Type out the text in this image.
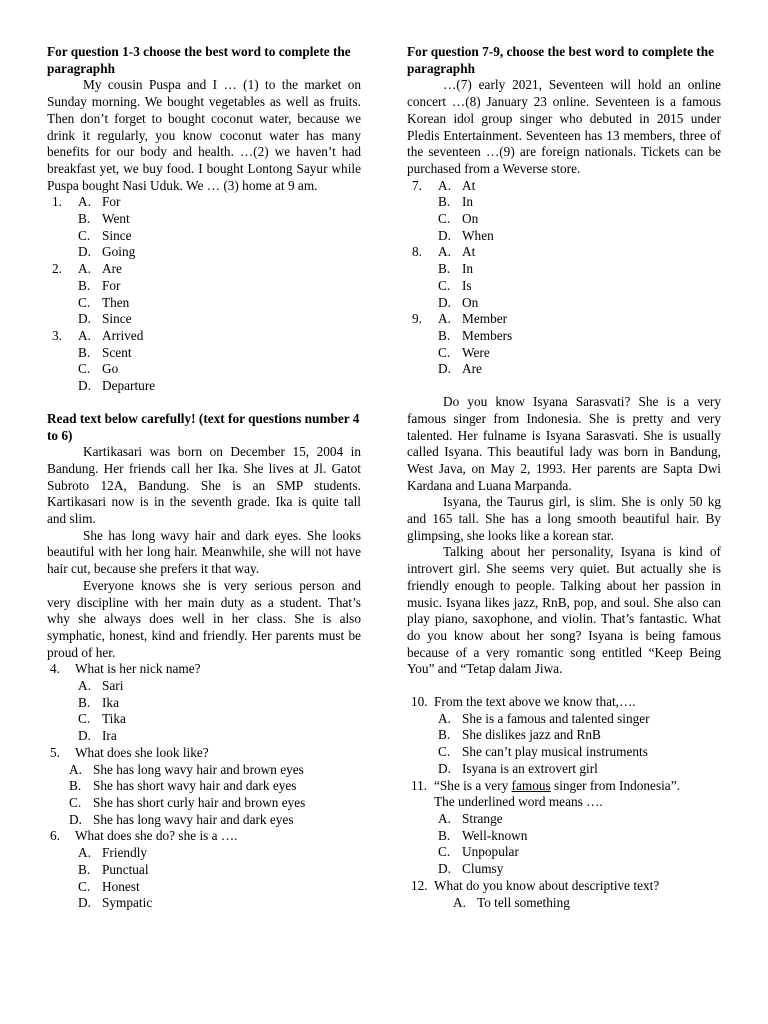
For question 1-3 choose the best word to complete the paragraphh

My cousin Puspa and I … (1) to the market on Sunday morning. We bought vegetables as well as fruits. Then don’t forget to bought coconut water, because we drink it regularly, you know coconut water has many benefits for our body and health. …(2) we haven’t had breakfast yet, we buy food. I bought Lontong Sayur while Puspa bought Nasi Uduk. We … (3) home at 9 am.

1.	A. For
B. Went
C. Since
D. Going
2.	A. Are
B. For
C. Then
D. Since
3.	A. Arrived
B. Scent
C. Go
D. Departure

Read text below carefully! (text for questions number 4 to 6)

Kartikasari was born on December 15, 2004 in Bandung. Her friends call her Ika. She lives at Jl. Gatot Subroto 12A, Bandung. She is an SMP students. Kartikasari now is in the seventh grade. Ika is quite tall and slim.

She has long wavy hair and dark eyes. She looks beautiful with her long hair. Meanwhile, she will not have hair cut, because she prefers it that way.

Everyone knows she is very serious person and very discipline with her main duty as a student. That’s why she always does well in her class. She is also symphatic, honest, kind and friendly. Her parents must be proud of her.

4.	What is her nick name?
A. Sari
B. Ika
C. Tika
D. Ira
5.	What does she look like?
A. She has long wavy hair and brown eyes
B. She has short wavy hair and dark eyes
C. She has short curly hair and brown eyes
D. She has long wavy hair and dark eyes
6.	What does she do? she is a ….
A. Friendly
B. Punctual
C. Honest
D. Sympatic

For question 7-9, choose the best word to complete the paragraphh

…(7) early 2021, Seventeen will hold an online concert …(8) January 23 online. Seventeen is a famous Korean idol group singer who debuted in 2015 under Pledis Entertainment. Seventeen has 13 members, three of the seventeen …(9) are foreign nationals. Tickets can be purchased from a Weverse store.

7.	A. At
B. In
C. On
D. When
8.	A. At
B. In
C. Is
D. On
9.	A. Member
B. Members
C. Were
D. Are

Do you know Isyana Sarasvati? She is a very famous singer from Indonesia. She is pretty and very talented. Her fulname is Isyana Sarasvati. She is usually called Isyana. This beautiful lady was born in Bandung, West Java, on May 2, 1993. Her parents are Sapta Dwi Kardana and Luana Marpanda.

Isyana, the Taurus girl, is slim. She is only 50 kg and 165 tall. She has a long smooth beautiful hair. By glimpsing, she looks like a korean star.

Talking about her personality, Isyana is kind of introvert girl. She seems very quiet. But actually she is friendly enough to people. Talking about her passion in music. Isyana likes jazz, RnB, pop, and soul. She also can play piano, saxophone, and violin. That’s fantastic. What do you know about her song? Isyana is being famous because of a very romantic song entitled “Keep Being You” and “Tetap dalam Jiwa.

10. From the text above we know that,….
A. She is a famous and talented singer
B. She dislikes jazz and RnB
C. She can’t play musical instruments
D. Isyana is an extrovert girl
11. “She is a very famous singer from Indonesia”.
The underlined word means ….
A. Strange
B. Well-known
C. Unpopular
D. Clumsy
12. What do you know about descriptive text?
A. To tell something
